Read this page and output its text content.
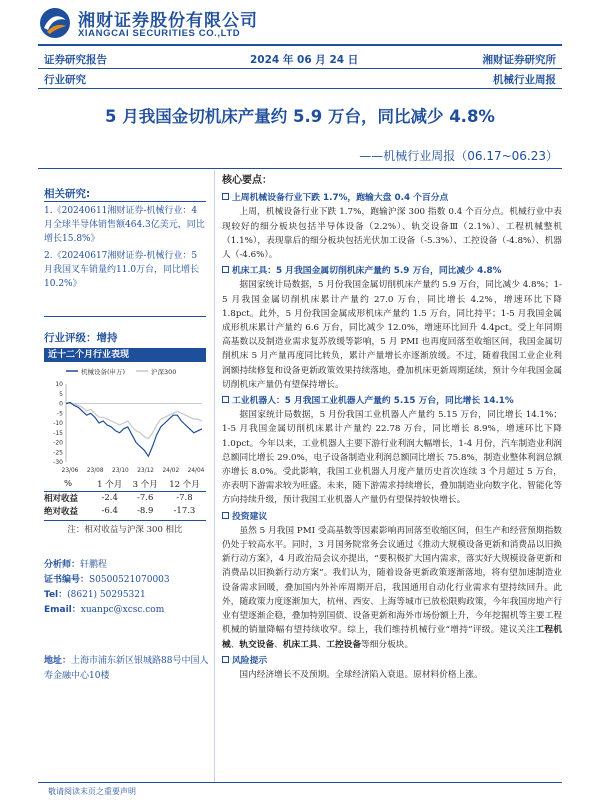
湘财证券股份有限公司
XIANGCAI SECURITIES CO.,LTD
证券研究报告	2024 年 06 月 24 日	湘财证券研究所
行业研究	机械行业周报
5 月我国金切机床产量约 5.9 万台，同比减少 4.8%
——机械行业周报（06.17~06.23）
相关研究:

1.《20240611湘财证券-机械行业：4月全球半导体销售额464.3亿美元，同比增长15.8%》

2.《20240617湘财证券-机械行业：5月我国叉车销量约11.0万台，同比增长10.2%》

行业评级：增持
近十二个月行业表现
机械设备(申万)	沪深300
10
5
0
-5
-10
-15
-20
-25
-30
23/06 23/08 23/10 23/12 24/02 24/04
%	1 个月	3 个月	12 个月
相对收益	-2.4	-7.6	-7.8
绝对收益	-6.4	-8.9	-17.3
注：相对收益与沪深 300 相比
分析师：轩鹏程
证书编号：S0500521070003
Tel：(8621) 50295321
Email：xuanpc@xcsc.com
地址：上海市浦东新区银城路88号中国人寿金融中心10楼
核心要点：
上周机械设备行业下跌 1.7%，跑输大盘 0.4 个百分点

上周，机械设备行业下跌 1.7%，跑输沪深 300 指数 0.4 个百分点。机械行业中表现较好的细分板块包括半导体设备（2.2%）、轨交设备Ⅲ（2.1%）、工程机械整机（1.1%），表现靠后的细分板块包括光伏加工设备（-5.3%）、工控设备（-4.8%）、机器人（-4.6%）。

机床工具：5 月我国金属切削机床产量约 5.9 万台，同比减少 4.8%

据国家统计局数据，5 月份我国金属切削机床产量约 5.9 万台，同比减少 4.8%；1-5 月我国金属切削机床累计产量约 27.0 万台，同比增长 4.2%，增速环比下降 1.8pct。此外，5 月份我国金属成形机床产量约 1.5 万台，同比持平；1-5 月我国金属成形机床累计产量约 6.6 万台，同比减少 12.0%，增速环比回升 4.4pct。受上年同期高基数以及制造业需求复苏放缓等影响，5 月 PMI 也再度回落至收缩区间，我国金属切削机床 5 月产量再度同比转负，累计产量增长亦逐渐放缓。不过，随着我国工业企业利润额持续修复和设备更新政策效果持续落地，叠加机床更新周期延续，预计今年我国金属切削机床产量仍有望保持增长。

工业机器人：5 月我国工业机器人产量约 5.15 万台，同比增长 14.1%

据国家统计局数据，5 月份我国工业机器人产量约 5.15 万台，同比增长 14.1%；1-5 月我国金属切削机床累计产量约 22.78 万台，同比增长 8.9%，增速环比下降 1.0pct。今年以来，工业机器人主要下游行业利润大幅增长，1-4 月份，汽车制造业利润总额同比增长 29.0%，电子设备制造业利润总额同比增长 75.8%，制造业整体利润总额亦增长 8.0%。受此影响，我国工业机器人月度产量历史首次连续 3 个月超过 5 万台，亦表明下游需求较为旺盛。未来，随下游需求持续增长，叠加制造业向数字化、智能化等方向持续升级，预计我国工业机器人产量仍有望保持较快增长。

投资建议

虽然 5 月我国 PMI 受高基数等因素影响再回落至收缩区间，但生产和经营预期指数仍处于较高水平。同时，3 月国务院常务会议通过《推动大规模设备更新和消费品以旧换新行动方案》，4 月政治局会议亦提出，“要积极扩大国内需求，落实好大规模设备更新和消费品以旧换新行动方案”。我们认为，随着设备更新政策逐渐落地，将有望加速制造业设备需求回暖，叠加国内外补库周期开启，我国通用自动化行业需求有望持续回升。此外，随政策力度逐渐加大，杭州、西安、上海等城市已放松限购政策，今年我国房地产行业有望逐渐企稳，叠加特别国债、设备更新和海外市场份额上升，今年挖掘机等主要工程机械的销量降幅有望持续收窄。综上，我们维持机械行业“增持”评级。建议关注工程机械、轨交设备、机床工具、工控设备等细分板块。

风险提示

国内经济增长不及预期。全球经济陷入衰退。原材料价格上涨。

敬请阅读末页之重要声明
